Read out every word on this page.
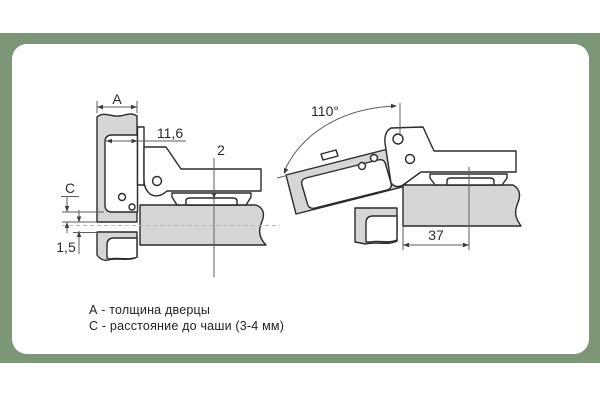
A
11,6
2
C
1,5
110°
37
А - толщина дверцы
С - расстояние до чаши (3-4 мм)
